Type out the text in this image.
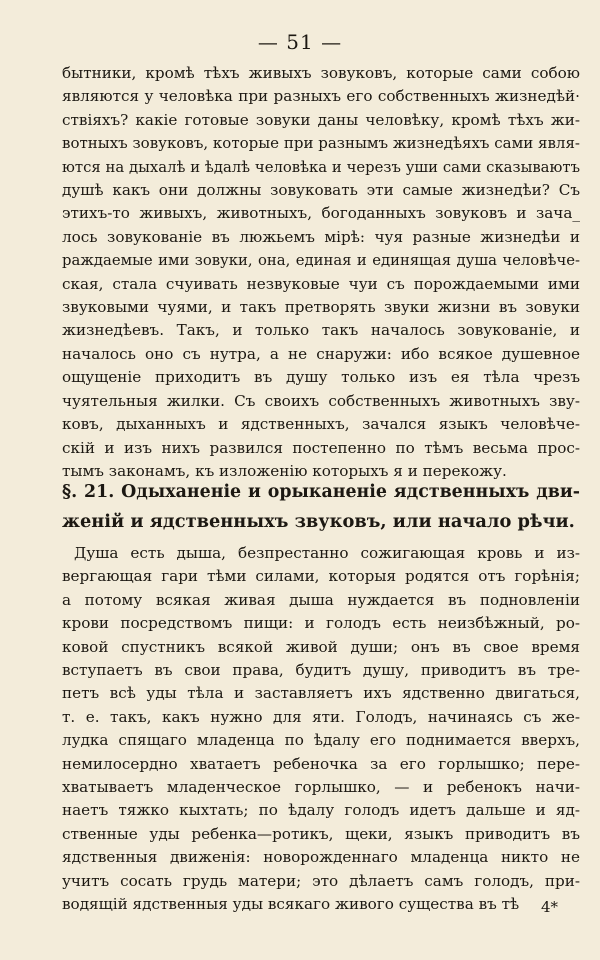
— 51 —
бытники, кромѣ тѣхъ живыхъ зовуковъ, которые сами собою
являются у человѣка при разныхъ его собственныхъ жизнедѣй·
ствiяхъ? какiе готовые зовуки даны человѣку, кромѣ тѣхъ жи-
вотныхъ зовуковъ, которые при разнымъ жизнедѣяхъ сами явля-
ются на дыхалѣ и ѣдалѣ человѣка и черезъ уши сами сказываютъ
душѣ какъ они должны зовуковать эти самые жизнедѣи? Съ
этихъ-то живыхъ, животныхъ, богоданныхъ зовуковъ и зача_
лось зовукованiе въ люжьемъ мiрѣ: чуя разные жизнедѣи и
раждаемые ими зовуки, она, единая и единящая душа человѣче-
ская, стала счуивать незвуковые чуи съ порождаемыми ими
звуковыми чуями, и такъ претворять звуки жизни въ зовуки
жизнедѣевъ. Такъ, и только такъ началось зовукованiе, и
началось оно съ нутра, а не снаружи: ибо всякое душевное
ощущенiе приходитъ въ душу только изъ ея тѣла чрезъ
чуятельныя жилки. Съ своихъ собственныхъ животныхъ зву-
ковъ, дыханныхъ и ядственныхъ, зачался языкъ человѣче-
скiй и изъ нихъ развился постепенно по тѣмъ весьма прос-
тымъ законамъ, къ изложенiю которыхъ я и перекожу.
§. 21. Одыханенiе и орыканенiе ядственныхъ дви-
женiй и ядственныхъ звуковъ, или начало рѣчи.
Душа есть дыша, безпрестанно сожигающая кровь и из-
вергающая гари тѣми силами, которыя родятся отъ горѣнiя;
а потому всякая живая дыша нуждается въ подновленiи
крови посредствомъ пищи: и голодъ есть неизбѣжный, ро-
ковой спустникъ всякой живой души; онъ въ свое время
вступаетъ въ свои права, будитъ душу, приводитъ въ тре-
петъ всѣ уды тѣла и заставляетъ ихъ ядственно двигаться,
т. е. такъ, какъ нужно для яти. Голодъ, начинаясь съ же-
лудка спящаго младенца по ѣдалу его поднимается вверхъ,
немилосердно хватаетъ ребеночка за его горлышко; пере-
хватываетъ младенческое горлышко, — и ребенокъ начи-
наетъ тяжко кыхтать; по ѣдалу голодъ идетъ дальше и яд-
ственные уды ребенка—ротикъ, щеки, языкъ приводитъ въ
ядственныя движенiя: новорожденнаго младенца никто не
учитъ сосать грудь матери; это дѣлаетъ самъ голодъ, при-
водящiй ядственныя уды всякаго живого существа въ тѣ	4*
